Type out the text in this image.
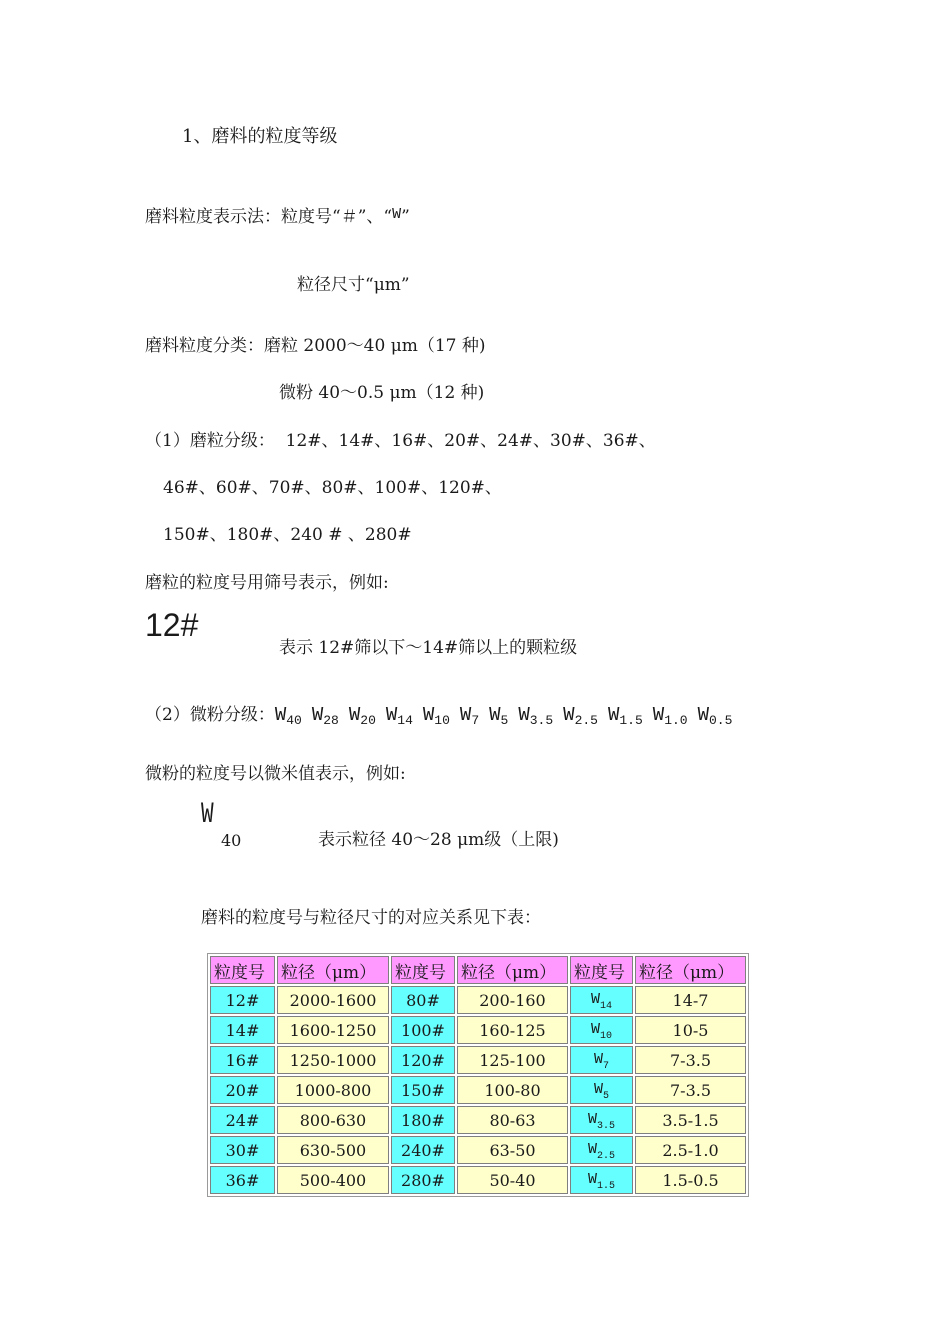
1、磨料的粒度等级
磨料粒度表示法：粒度号“＃”、“W”
粒径尺寸“μm”
磨料粒度分类：磨粒 2000～40 μm（17 种)
微粉 40～0.5 μm（12 种)
（1）磨粒分级：  12#、14#、16#、20#、24#、30#、36#、
46#、60#、70#、80#、100#、120#、
150#、180#、240 # 、280#
磨粒的粒度号用筛号表示，例如:
12#
表示 12#筛以下～14#筛以上的颗粒级
（2）微粉分级：$W_{40}$ $W_{28}$ $W_{20}$ $W_{14}$ $W_{10}$ $W_7$ $W_5$ $W_{3.5}$ $W_{2.5}$ $W_{1.5}$ $W_{1.0}$ $W_{0.5}$
微粉的粒度号以微米值表示，例如:
W
40	表示粒径 40～28 μm级（上限)
磨料的粒度号与粒径尺寸的对应关系见下表：
粒度号	粒径（μm）	粒度号	粒径（μm）	粒度号	粒径（μm）
12#	2000-1600	80#	200-160	$W_{14}$	14-7
14#	1600-1250	100#	160-125	$W_{10}$	10-5
16#	1250-1000	120#	125-100	$W_7$	7-3.5
20#	1000-800	150#	100-80	$W_5$	7-3.5
24#	800-630	180#	80-63	$W_{3.5}$	3.5-1.5
30#	630-500	240#	63-50	$W_{2.5}$	2.5-1.0
36#	500-400	280#	50-40	$W_{1.5}$	1.5-0.5
